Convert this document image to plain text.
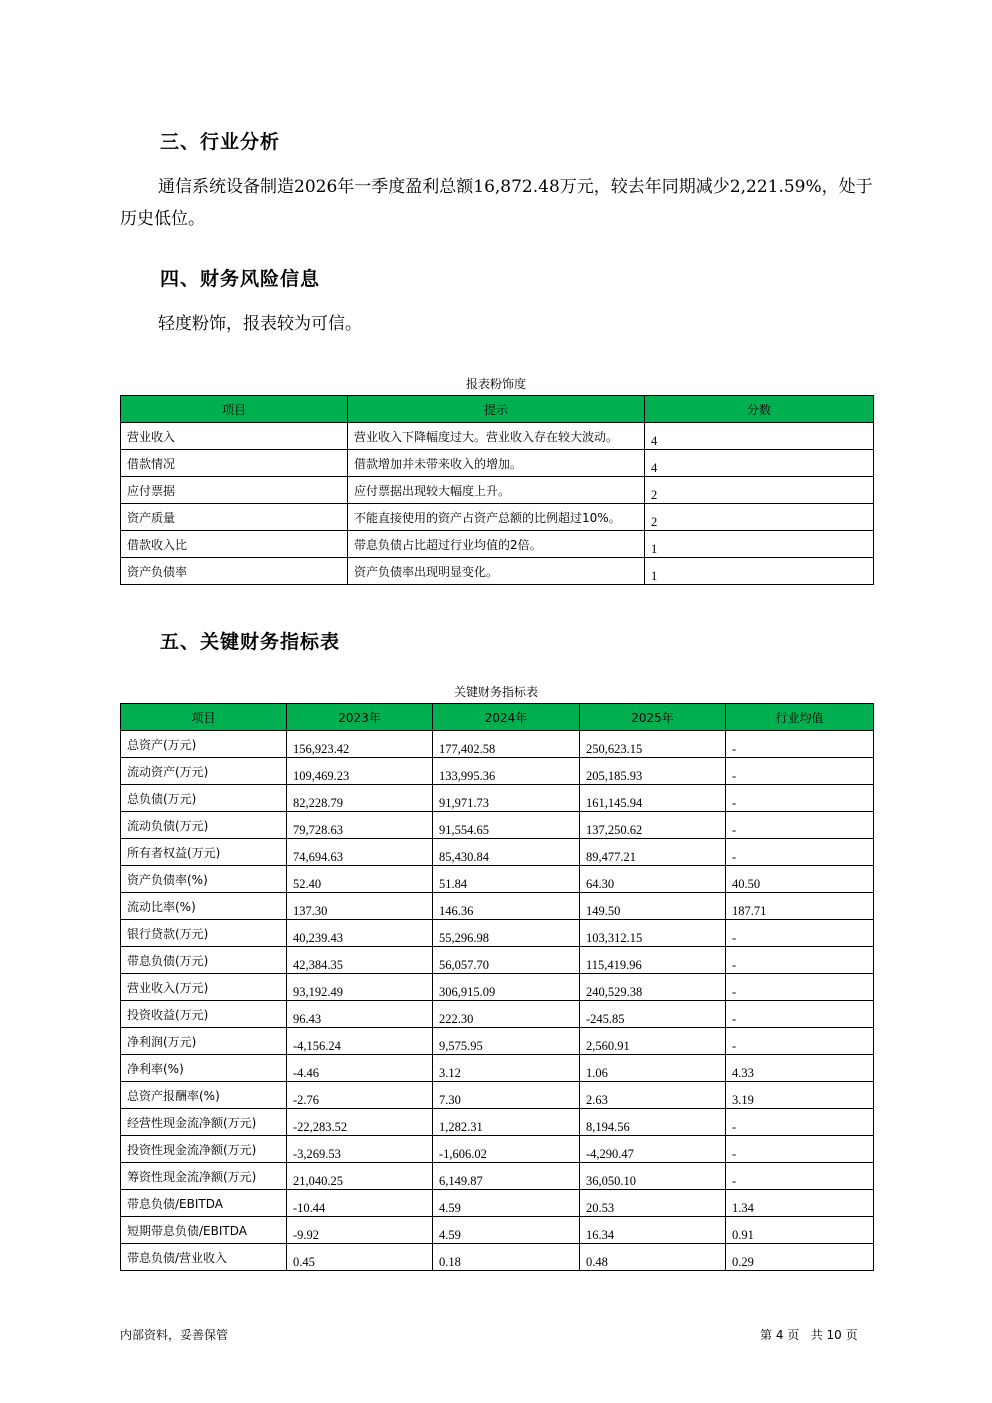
三、行业分析
通信系统设备制造2026年一季度盈利总额16,872.48万元，较去年同期减少2,221.59%，处于历史低位。
四、财务风险信息
轻度粉饰，报表较为可信。
报表粉饰度
项目	提示	分数
营业收入	营业收入下降幅度过大。营业收入存在较大波动。	4
借款情况	借款增加并未带来收入的增加。	4
应付票据	应付票据出现较大幅度上升。	2
资产质量	不能直接使用的资产占资产总额的比例超过10%。	2
借款收入比	带息负债占比超过行业均值的2倍。	1
资产负债率	资产负债率出现明显变化。	1
五、关键财务指标表
关键财务指标表
项目	2023年	2024年	2025年	行业均值
总资产(万元)	156,923.42	177,402.58	250,623.15	-
流动资产(万元)	109,469.23	133,995.36	205,185.93	-
总负债(万元)	82,228.79	91,971.73	161,145.94	-
流动负债(万元)	79,728.63	91,554.65	137,250.62	-
所有者权益(万元)	74,694.63	85,430.84	89,477.21	-
资产负债率(%)	52.40	51.84	64.30	40.50
流动比率(%)	137.30	146.36	149.50	187.71
银行贷款(万元)	40,239.43	55,296.98	103,312.15	-
带息负债(万元)	42,384.35	56,057.70	115,419.96	-
营业收入(万元)	93,192.49	306,915.09	240,529.38	-
投资收益(万元)	96.43	222.30	-245.85	-
净利润(万元)	-4,156.24	9,575.95	2,560.91	-
净利率(%)	-4.46	3.12	1.06	4.33
总资产报酬率(%)	-2.76	7.30	2.63	3.19
经营性现金流净额(万元)	-22,283.52	1,282.31	8,194.56	-
投资性现金流净额(万元)	-3,269.53	-1,606.02	-4,290.47	-
筹资性现金流净额(万元)	21,040.25	6,149.87	36,050.10	-
带息负债/EBITDA	-10.44	4.59	20.53	1.34
短期带息负债/EBITDA	-9.92	4.59	16.34	0.91
带息负债/营业收入	0.45	0.18	0.48	0.29
内部资料，妥善保管	第 4 页   共 10 页
